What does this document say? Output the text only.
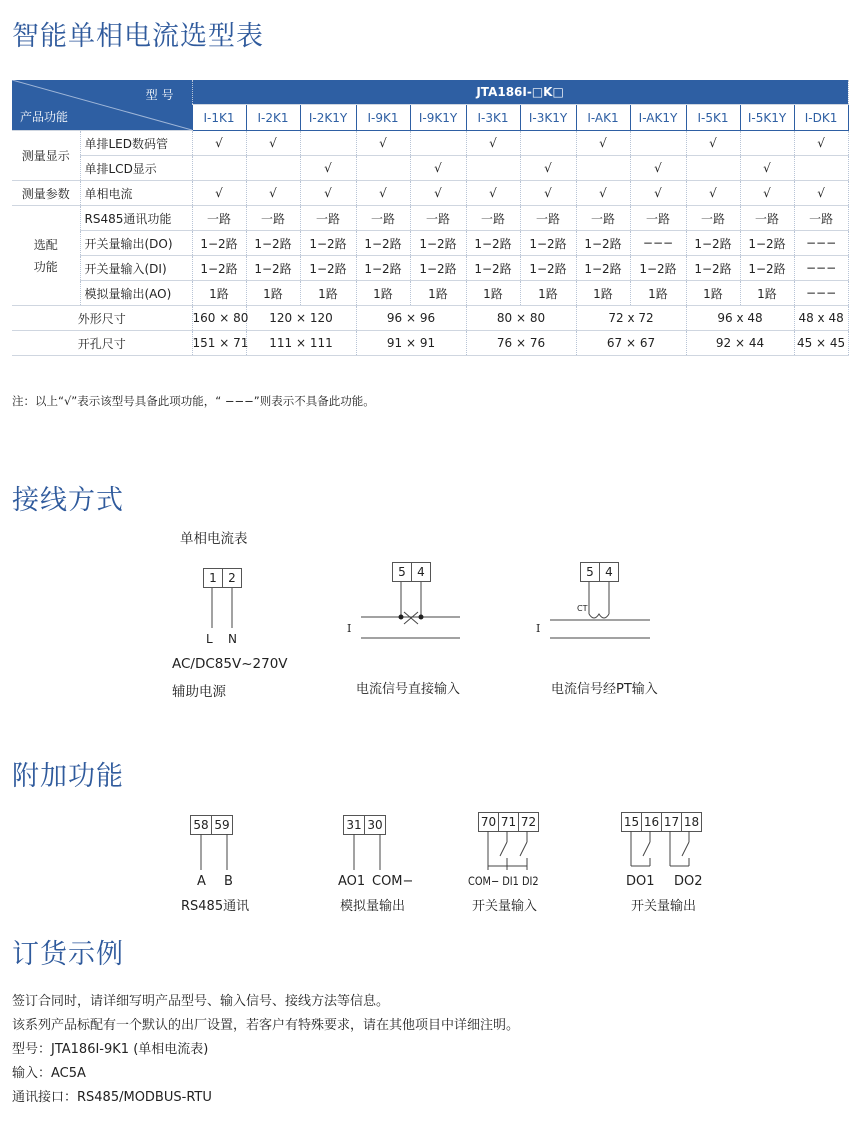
智能单相电流选型表
型 号
产品功能		JTA186I-□K□											
		I-1K1	I-2K1	I-2K1Y	I-9K1	I-9K1Y	I-3K1	I-3K1Y	I-AK1	I-AK1Y	I-5K1	I-5K1Y	I-DK1
测量显示	单排LED数码管	√	√		√		√		√		√		√
	单排LCD显示			√		√		√		√		√	
测量参数	单相电流	√	√	√	√	√	√	√	√	√	√	√	√
选配
功能	RS485通讯功能	一路	一路	一路	一路	一路	一路	一路	一路	一路	一路	一路	一路
	开关量输出(DO)	1−2路	1−2路	1−2路	1−2路	1−2路	1−2路	1−2路	1−2路	−−−	1−2路	1−2路	−−−
	开关量输入(DI)	1−2路	1−2路	1−2路	1−2路	1−2路	1−2路	1−2路	1−2路	1−2路	1−2路	1−2路	−−−
	模拟量输出(AO)	1路	1路	1路	1路	1路	1路	1路	1路	1路	1路	1路	−−−
外形尺寸		160 × 80	120 × 120		96 × 96		80 × 80		72 x 72		96 x 48		48 x 48
开孔尺寸		151 × 71	111 × 111		91 × 91		76 × 76		67 × 67		92 × 44		45 × 45
注：以上“√”表示该型号具备此项功能，“ −−−”则表示不具备此功能。
接线方式
单相电流表
1 2
L N
AC/DC85V~270V
辅助电源
5 4
I
电流信号直接输入
5 4
CT
I
电流信号经PT输入
附加功能
58 59
A B
RS485通讯
31 30
AO1 COM−
模拟量输出
70 71 72
COM− DI1 DI2
开关量输入
15 16 17 18
DO1 DO2
开关量输出
订货示例
签订合同时，请详细写明产品型号、输入信号、接线方法等信息。
该系列产品标配有一个默认的出厂设置，若客户有特殊要求，请在其他项目中详细注明。
型号：JTA186I-9K1 (单相电流表)
输入：AC5A
通讯接口：RS485/MODBUS-RTU
